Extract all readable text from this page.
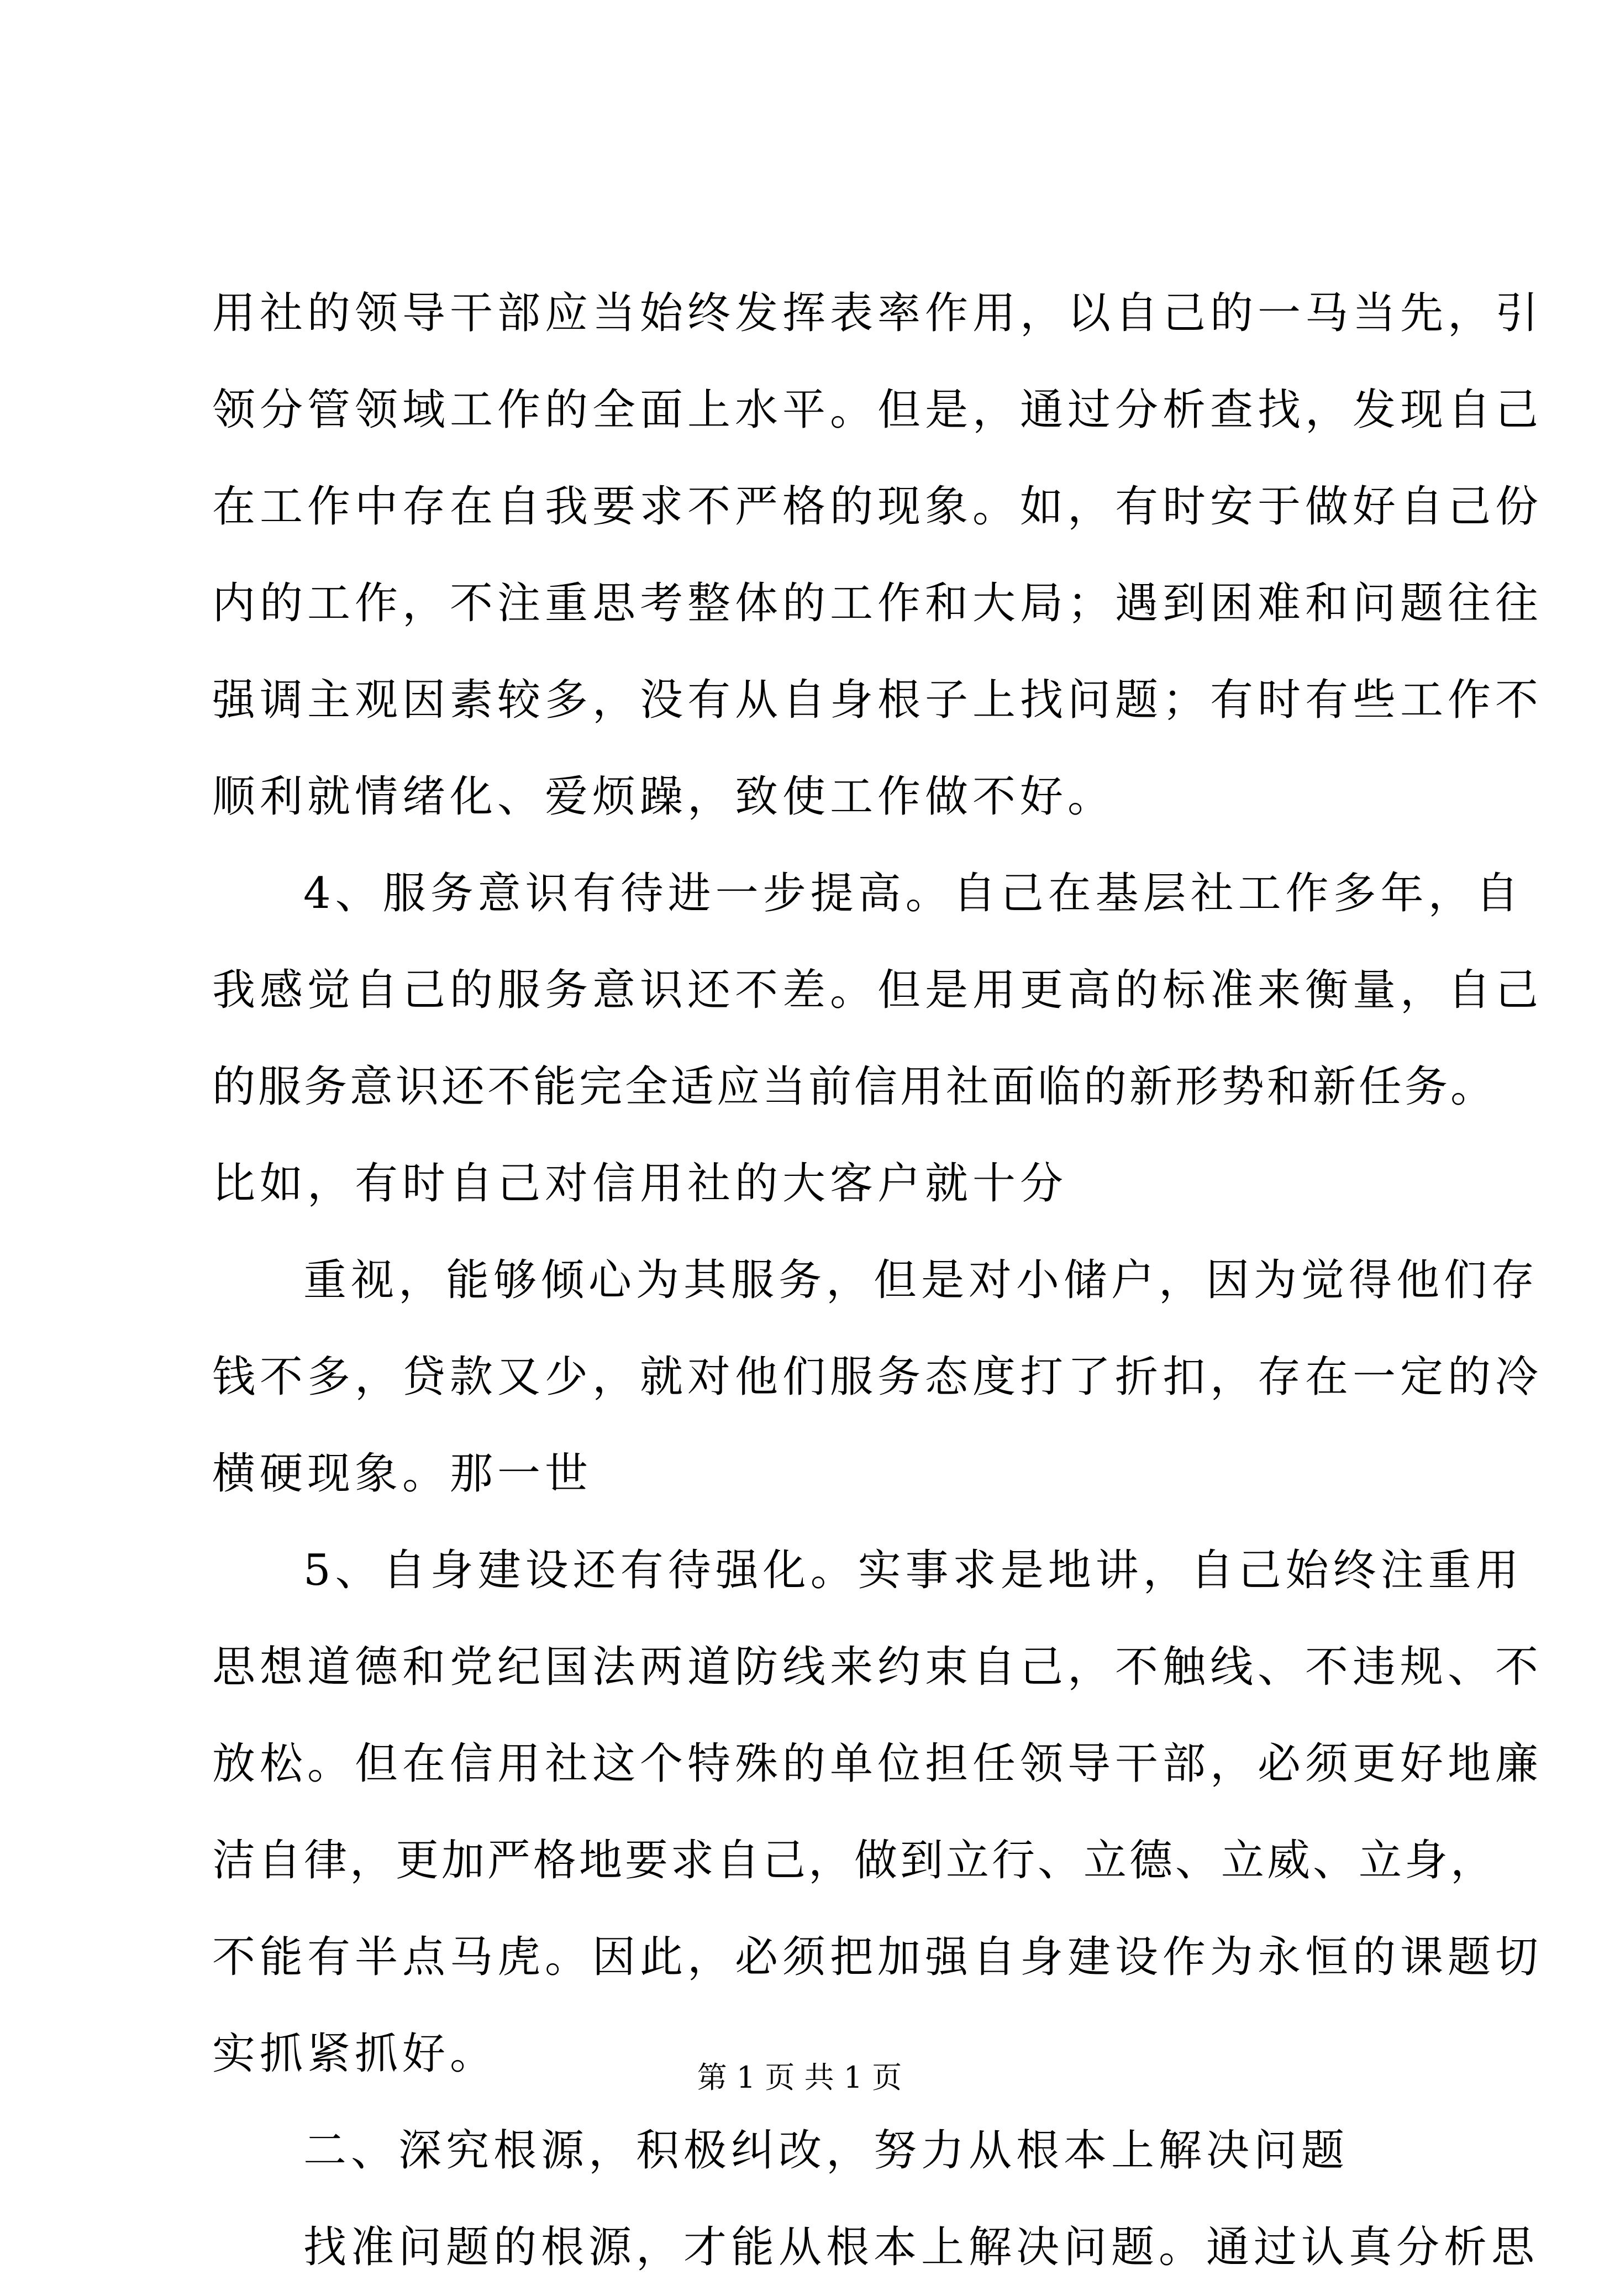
用社的领导干部应当始终发挥表率作用，以自己的一马当先，引
领分管领域工作的全面上水平。但是，通过分析查找，发现自己
在工作中存在自我要求不严格的现象。如，有时安于做好自己份
内的工作，不注重思考整体的工作和大局；遇到困难和问题往往
强调主观因素较多，没有从自身根子上找问题；有时有些工作不
顺利就情绪化、爱烦躁，致使工作做不好。
4、服务意识有待进一步提高。自己在基层社工作多年，自
我感觉自己的服务意识还不差。但是用更高的标准来衡量，自己
的服务意识还不能完全适应当前信用社面临的新形势和新任务。
比如，有时自己对信用社的大客户就十分
重视，能够倾心为其服务，但是对小储户，因为觉得他们存
钱不多，贷款又少，就对他们服务态度打了折扣，存在一定的冷
横硬现象。那一世
5、自身建设还有待强化。实事求是地讲，自己始终注重用
思想道德和党纪国法两道防线来约束自己，不触线、不违规、不
放松。但在信用社这个特殊的单位担任领导干部，必须更好地廉
洁自律，更加严格地要求自己，做到立行、立德、立威、立身，
不能有半点马虎。因此，必须把加强自身建设作为永恒的课题切
实抓紧抓好。
二、深究根源，积极纠改，努力从根本上解决问题
找准问题的根源，才能从根本上解决问题。通过认真分析思
第 1 页 共 1 页
